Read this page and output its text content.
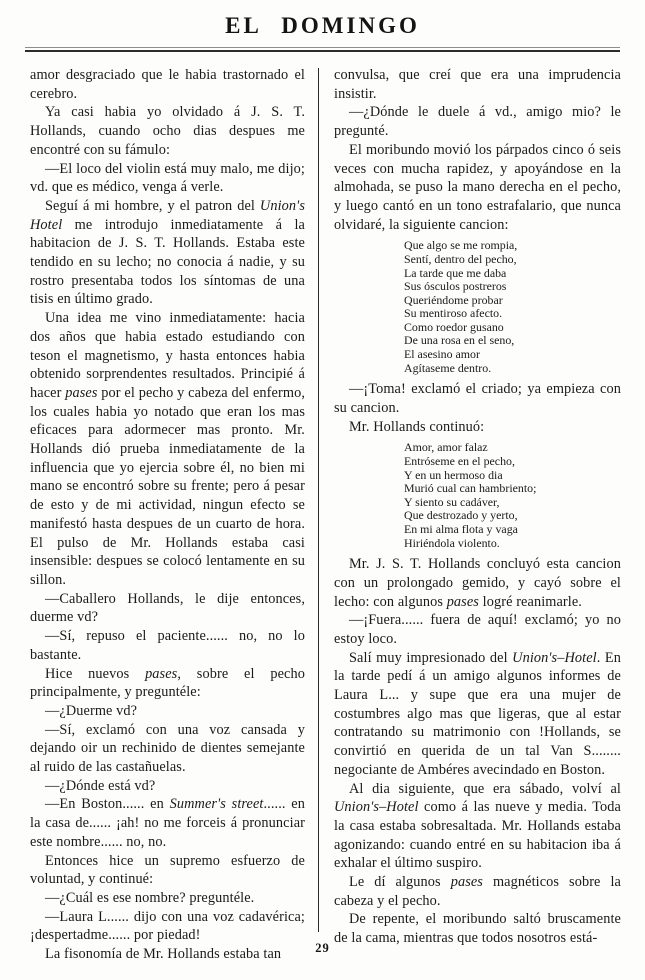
EL DOMINGO

amor desgraciado que le habia trastornado el cerebro.

Ya casi habia yo olvidado á J. S. T. Hollands, cuando ocho dias despues me encontré con su fámulo:

—El loco del violin está muy malo, me dijo; vd. que es médico, venga á verle.

Seguí á mi hombre, y el patron del Union's Hotel me introdujo inmediatamente á la habitacion de J. S. T. Hollands. Estaba este tendido en su lecho; no conocia á nadie, y su rostro presentaba todos los síntomas de una tisis en último grado.

Una idea me vino inmediatamente: hacia dos años que habia estado estudiando con teson el magnetismo, y hasta entonces habia obtenido sorprendentes resultados. Principié á hacer pases por el pecho y cabeza del enfermo, los cuales habia yo notado que eran los mas eficaces para adormecer mas pronto. Mr. Hollands dió prueba inmediatamente de la influencia que yo ejercia sobre él, no bien mi mano se encontró sobre su frente; pero á pesar de esto y de mi actividad, ningun efecto se manifestó hasta despues de un cuarto de hora. El pulso de Mr. Hollands estaba casi insensible: despues se colocó lentamente en su sillon.

—Caballero Hollands, le dije entonces, duerme vd?

—Sí, repuso el paciente...... no, no lo bastante.

Hice nuevos pases, sobre el pecho principalmente, y preguntéle:

—¿Duerme vd?

—Sí, exclamó con una voz cansada y dejando oir un rechinido de dientes semejante al ruido de las castañuelas.

—¿Dónde está vd?

—En Boston...... en Summer's street...... en la casa de...... ¡ah! no me forceis á pronunciar este nombre...... no, no.

Entonces hice un supremo esfuerzo de voluntad, y continué:

—¿Cuál es ese nombre? preguntéle.

—Laura L...... dijo con una voz cadavérica; ¡despertadme...... por piedad!

La fisonomía de Mr. Hollands estaba tan

convulsa, que creí que era una imprudencia insistir.

—¿Dónde le duele á vd., amigo mio? le pregunté.

El moribundo movió los párpados cinco ó seis veces con mucha rapidez, y apoyándose en la almohada, se puso la mano derecha en el pecho, y luego cantó en un tono estrafalario, que nunca olvidaré, la siguiente cancion:

Que algo se me rompia,
Sentí, dentro del pecho,
La tarde que me daba
Sus ósculos postreros
Queriéndome probar
Su mentiroso afecto.
Como roedor gusano
De una rosa en el seno,
El asesino amor
Agítaseme dentro.

—¡Toma! exclamó el criado; ya empieza con su cancion.

Mr. Hollands continuó:

Amor, amor falaz
Entróseme en el pecho,
Y en un hermoso dia
Murió cual can hambriento;
Y siento su cadáver,
Que destrozado y yerto,
En mi alma flota y vaga
Hiriéndola violento.

Mr. J. S. T. Hollands concluyó esta cancion con un prolongado gemido, y cayó sobre el lecho: con algunos pases logré reanimarle.

—¡Fuera...... fuera de aquí! exclamó; yo no estoy loco.

Salí muy impresionado del Union's–Hotel. En la tarde pedí á un amigo algunos informes de Laura L... y supe que era una mujer de costumbres algo mas que ligeras, que al estar contratando su matrimonio con !Hollands, se convirtió en querida de un tal Van S........ negociante de Ambéres avecindado en Boston.

Al dia siguiente, que era sábado, volví al Union's–Hotel como á las nueve y media. Toda la casa estaba sobresaltada. Mr. Hollands estaba agonizando: cuando entré en su habitacion iba á exhalar el último suspiro.

Le dí algunos pases magnéticos sobre la cabeza y el pecho.

De repente, el moribundo saltó bruscamente de la cama, mientras que todos nosotros está-

29
